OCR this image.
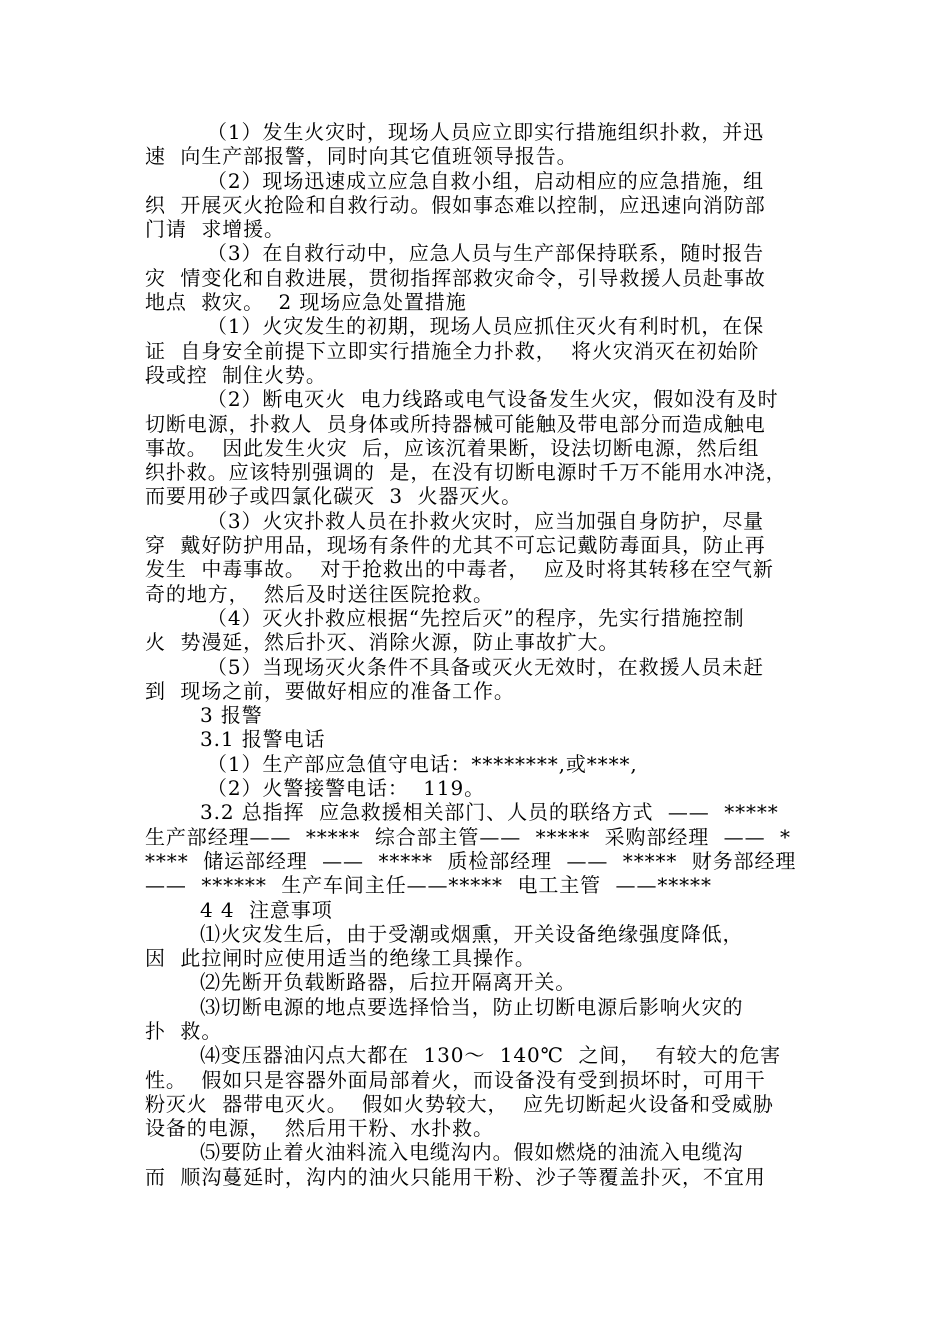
（1）发生火灾时，现场人员应立即实行措施组织扑救，并迅
速  向生产部报警，同时向其它值班领导报告。
（2）现场迅速成立应急自救小组，启动相应的应急措施，组
织  开展灭火抢险和自救行动。假如事态难以控制，应迅速向消防部
门请  求增援。
（3）在自救行动中，应急人员与生产部保持联系，随时报告
灾  情变化和自救进展，贯彻指挥部救灾命令，引导救援人员赴事故
地点  救灾。  2 现场应急处置措施
（1）火灾发生的初期，现场人员应抓住灭火有利时机，在保
证  自身安全前提下立即实行措施全力扑救，  将火灾消灭在初始阶
段或控  制住火势。
（2）断电灭火  电力线路或电气设备发生火灾，假如没有及时
切断电源，扑救人  员身体或所持器械可能触及带电部分而造成触电
事故。  因此发生火灾  后，应该沉着果断，设法切断电源，然后组
织扑救。应该特别强调的  是，在没有切断电源时千万不能用水冲浇，
而要用砂子或四氯化碳灭  3  火器灭火。
（3）火灾扑救人员在扑救火灾时，应当加强自身防护，尽量
穿  戴好防护用品，现场有条件的尤其不可忘记戴防毒面具，防止再
发生  中毒事故。  对于抢救出的中毒者，  应及时将其转移在空气新
奇的地方，  然后及时送往医院抢救。
（4）灭火扑救应根据“先控后灭”的程序，先实行措施控制
火  势漫延，然后扑灭、消除火源，防止事故扩大。
（5）当现场灭火条件不具备或灭火无效时，在救援人员未赶
到  现场之前，要做好相应的准备工作。
3 报警
3.1 报警电话
（1）生产部应急值守电话：********,或****,
（2）火警接警电话：  119。
3.2 总指挥  应急救援相关部门、人员的联络方式  ——  *****
生产部经理——  *****  综合部主管——  *****  采购部经理  ——  *
****  储运部经理  ——  *****  质检部经理  ——  *****  财务部经理
——  ******  生产车间主任——*****  电工主管  ——*****
4 4  注意事项
⑴火灾发生后，由于受潮或烟熏，开关设备绝缘强度降低，
因  此拉闸时应使用适当的绝缘工具操作。
⑵先断开负载断路器，后拉开隔离开关。
⑶切断电源的地点要选择恰当，防止切断电源后影响火灾的
扑  救。
⑷变压器油闪点大都在  130～  140℃  之间，  有较大的危害
性。  假如只是容器外面局部着火，而设备没有受到损坏时，可用干
粉灭火  器带电灭火。  假如火势较大，  应先切断起火设备和受威胁
设备的电源，  然后用干粉、水扑救。
⑸要防止着火油料流入电缆沟内。假如燃烧的油流入电缆沟
而  顺沟蔓延时，沟内的油火只能用干粉、沙子等覆盖扑灭，不宜用
